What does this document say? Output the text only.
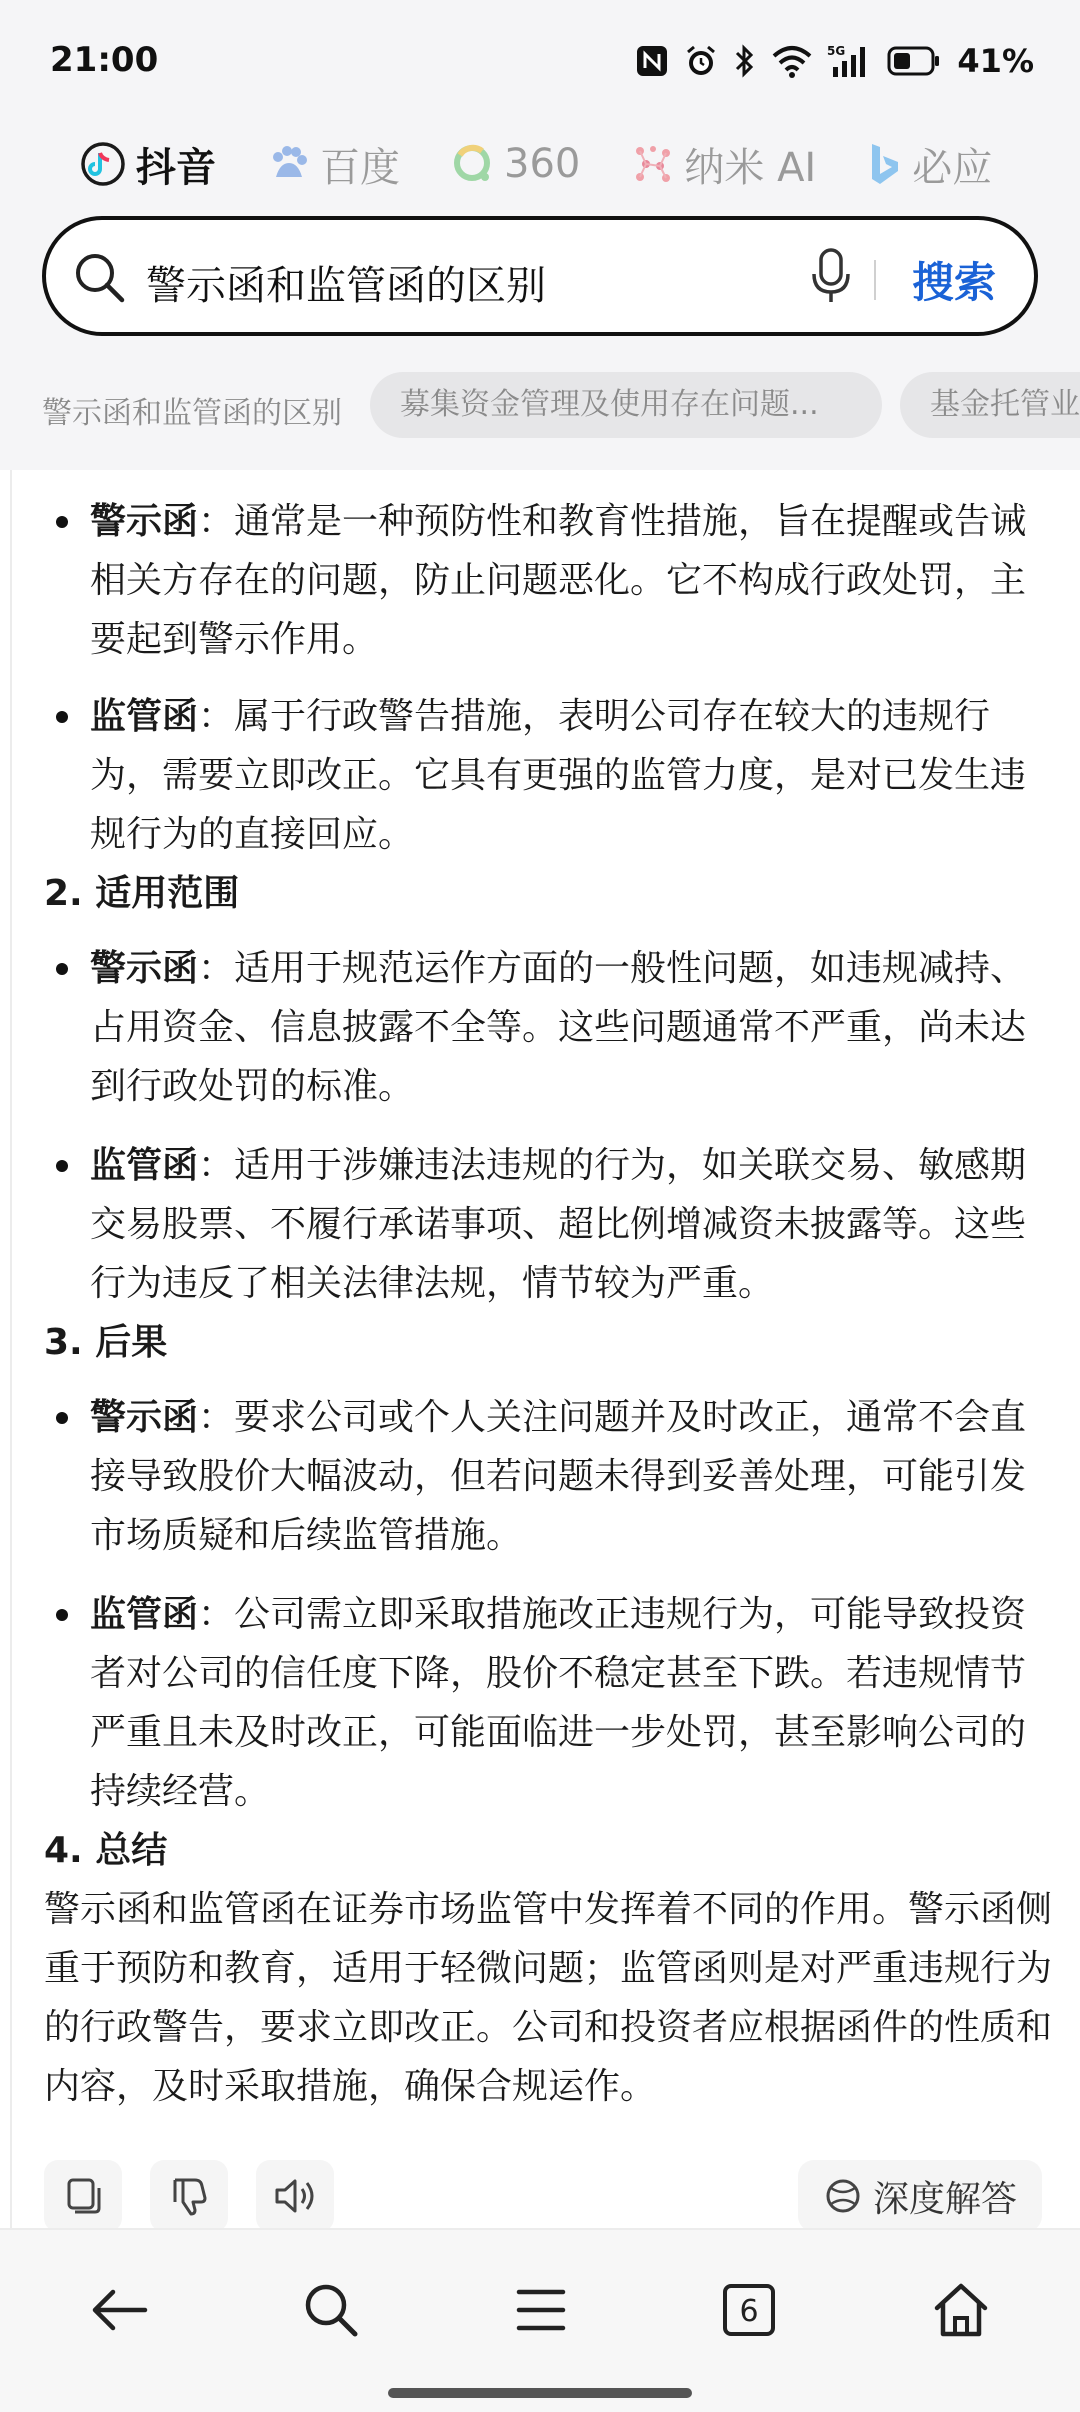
21:00	5G	41%
抖音	百度	360	纳米 AI 必应
警示函和监管函的区别	搜索
警示函和监管函的区别	募集资金管理及使用存在问题...	基金托管业
警示函：通常是一种预防性和教育性措施，旨在提醒或告诫相关方存在的问题，防止问题恶化。它不构成行政处罚，主要起到警示作用。
监管函：属于行政警告措施，表明公司存在较大的违规行为，需要立即改正。它具有更强的监管力度，是对已发生违规行为的直接回应。
2. 适用范围
警示函：适用于规范运作方面的一般性问题，如违规减持、占用资金、信息披露不全等。这些问题通常不严重，尚未达到行政处罚的标准。
监管函：适用于涉嫌违法违规的行为，如关联交易、敏感期交易股票、不履行承诺事项、超比例增减资未披露等。这些行为违反了相关法律法规，情节较为严重。
3. 后果
警示函：要求公司或个人关注问题并及时改正，通常不会直接导致股价大幅波动，但若问题未得到妥善处理，可能引发市场质疑和后续监管措施。
监管函：公司需立即采取措施改正违规行为，可能导致投资者对公司的信任度下降，股价不稳定甚至下跌。若违规情节严重且未及时改正，可能面临进一步处罚，甚至影响公司的持续经营。
4. 总结
警示函和监管函在证券市场监管中发挥着不同的作用。警示函侧重于预防和教育，适用于轻微问题；监管函则是对严重违规行为的行政警告，要求立即改正。公司和投资者应根据函件的性质和内容，及时采取措施，确保合规运作。
深度解答
6
